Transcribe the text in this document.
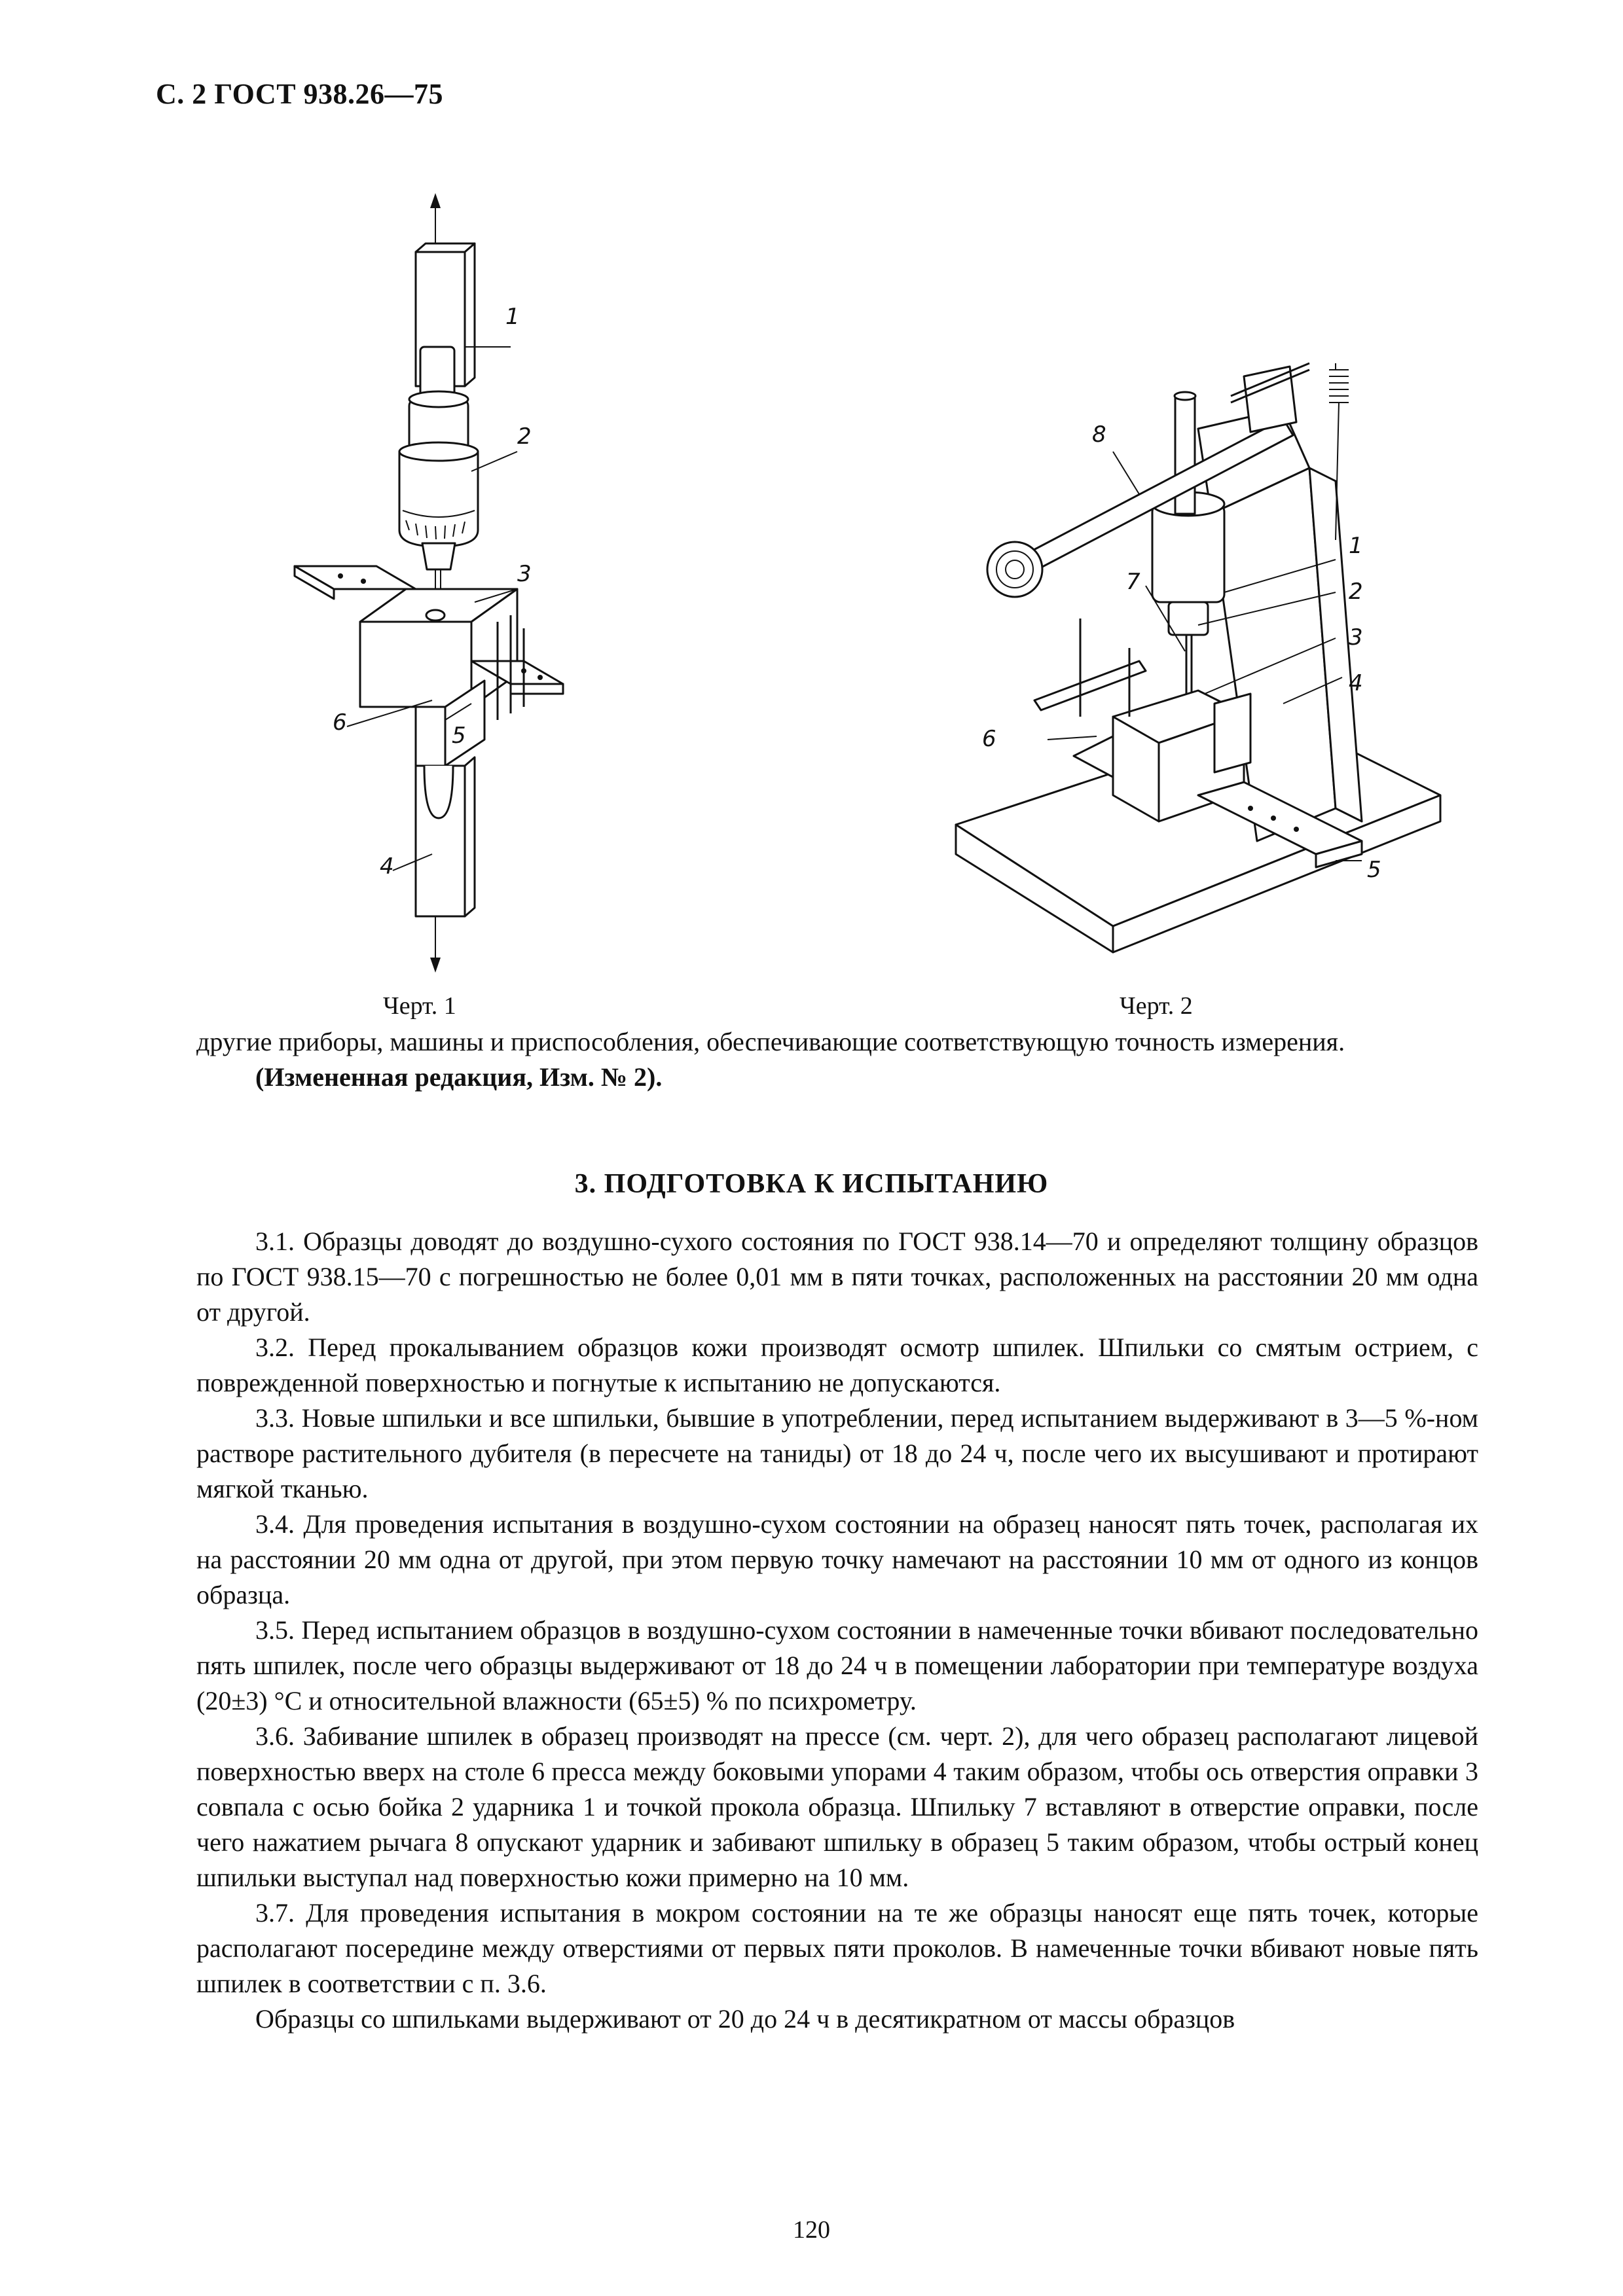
С. 2 ГОСТ 938.26—75
1
2
3
4
5
6
Черт. 1
1
2
3
4
5
6
7
8
Черт. 2

другие приборы, машины и приспособления, обеспечивающие соответствующую точность измерения.

(Измененная редакция, Изм. № 2).

3. ПОДГОТОВКА К ИСПЫТАНИЮ

3.1. Образцы доводят до воздушно-сухого состояния по ГОСТ 938.14—70 и определяют толщину образцов по ГОСТ 938.15—70 с погрешностью не более 0,01 мм в пяти точках, расположенных на расстоянии 20 мм одна от другой.

3.2. Перед прокалыванием образцов кожи производят осмотр шпилек. Шпильки со смятым острием, с поврежденной поверхностью и погнутые к испытанию не допускаются.

3.3. Новые шпильки и все шпильки, бывшие в употреблении, перед испытанием выдерживают в 3—5 %-ном растворе растительного дубителя (в пересчете на таниды) от 18 до 24 ч, после чего их высушивают и протирают мягкой тканью.

3.4. Для проведения испытания в воздушно-сухом состоянии на образец наносят пять точек, располагая их на расстоянии 20 мм одна от другой, при этом первую точку намечают на расстоянии 10 мм от одного из концов образца.

3.5. Перед испытанием образцов в воздушно-сухом состоянии в намеченные точки вбивают последовательно пять шпилек, после чего образцы выдерживают от 18 до 24 ч в помещении лаборатории при температуре воздуха (20±3) °С и относительной влажности (65±5) % по психрометру.

3.6. Забивание шпилек в образец производят на прессе (см. черт. 2), для чего образец располагают лицевой поверхностью вверх на столе 6 пресса между боковыми упорами 4 таким образом, чтобы ось отверстия оправки 3 совпала с осью бойка 2 ударника 1 и точкой прокола образца. Шпильку 7 вставляют в отверстие оправки, после чего нажатием рычага 8 опускают ударник и забивают шпильку в образец 5 таким образом, чтобы острый конец шпильки выступал над поверхностью кожи примерно на 10 мм.

3.7. Для проведения испытания в мокром состоянии на те же образцы наносят еще пять точек, которые располагают посередине между отверстиями от первых пяти проколов. В намеченные точки вбивают новые пять шпилек в соответствии с п. 3.6.

Образцы со шпильками выдерживают от 20 до 24 ч в десятикратном от массы образцов

120
